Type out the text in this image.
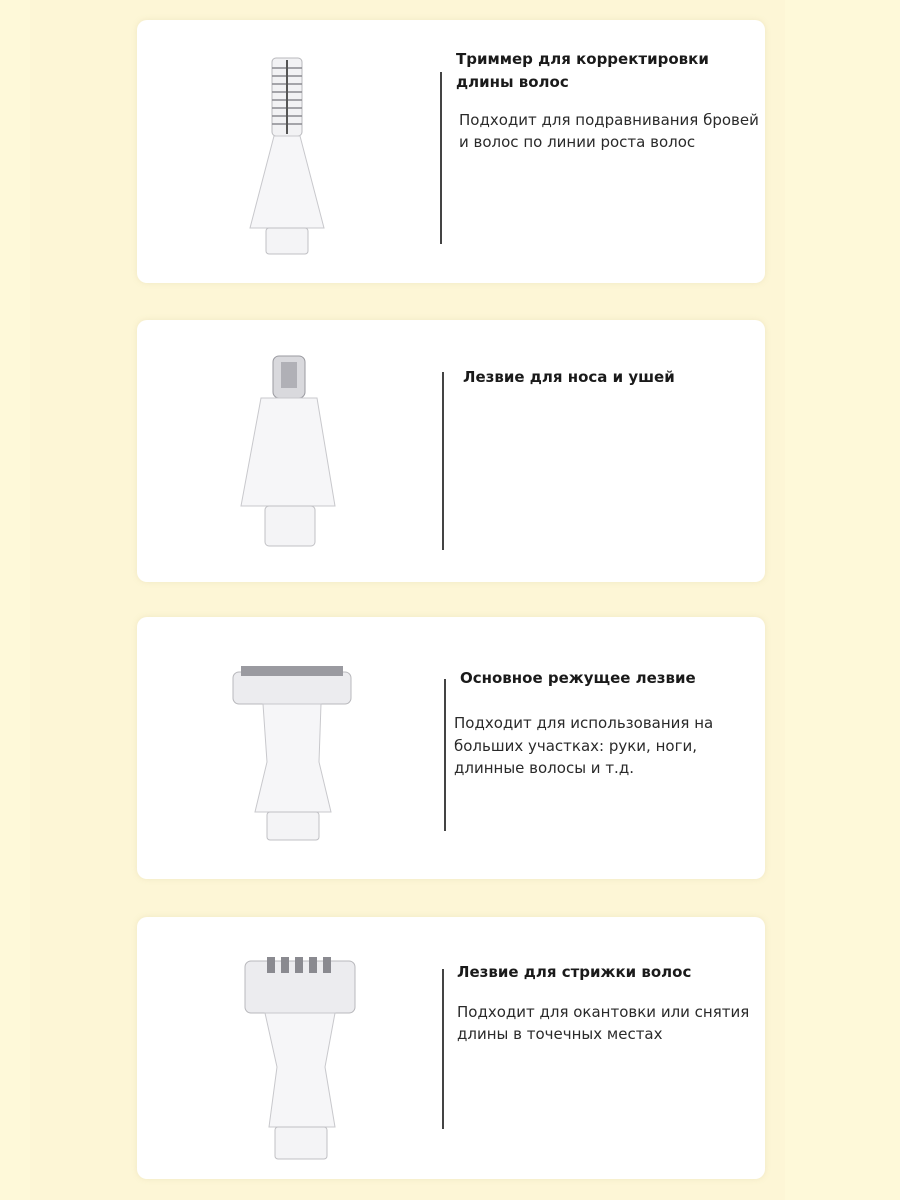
Триммер для корректировки

длины волос

Подходит для подравнивания бровей

и волос по линии роста волос

Лезвие для носа и ушей

Основное режущее лезвие

Подходит для использования на

больших участках: руки, ноги,

длинные волосы и т.д.

Лезвие для стрижки волос

Подходит для окантовки или снятия

длины в точечных местах
